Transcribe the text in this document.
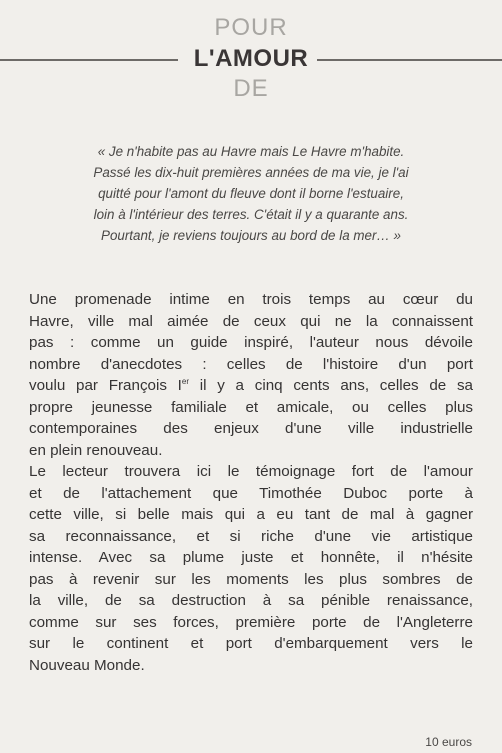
POUR
L'AMOUR
DE
« Je n'habite pas au Havre mais Le Havre m'habite.
Passé les dix-huit premières années de ma vie, je l'ai
quitté pour l'amont du fleuve dont il borne l'estuaire,
loin à l'intérieur des terres. C'était il y a quarante ans.
Pourtant, je reviens toujours au bord de la mer… »
Une promenade intime en trois temps au cœur du
Havre, ville mal aimée de ceux qui ne la connaissent
pas : comme un guide inspiré, l'auteur nous dévoile
nombre d'anecdotes : celles de l'histoire d'un port
voulu par François Ier il y a cinq cents ans, celles de sa
propre jeunesse familiale et amicale, ou celles plus
contemporaines des enjeux d'une ville industrielle
en plein renouveau.
Le lecteur trouvera ici le témoignage fort de l'amour
et de l'attachement que Timothée Duboc porte à
cette ville, si belle mais qui a eu tant de mal à gagner
sa reconnaissance, et si riche d'une vie artistique
intense. Avec sa plume juste et honnête, il n'hésite
pas à revenir sur les moments les plus sombres de
la ville, de sa destruction à sa pénible renaissance,
comme sur ses forces, première porte de l'Angleterre
sur le continent et port d'embarquement vers le
Nouveau Monde.
10 euros
